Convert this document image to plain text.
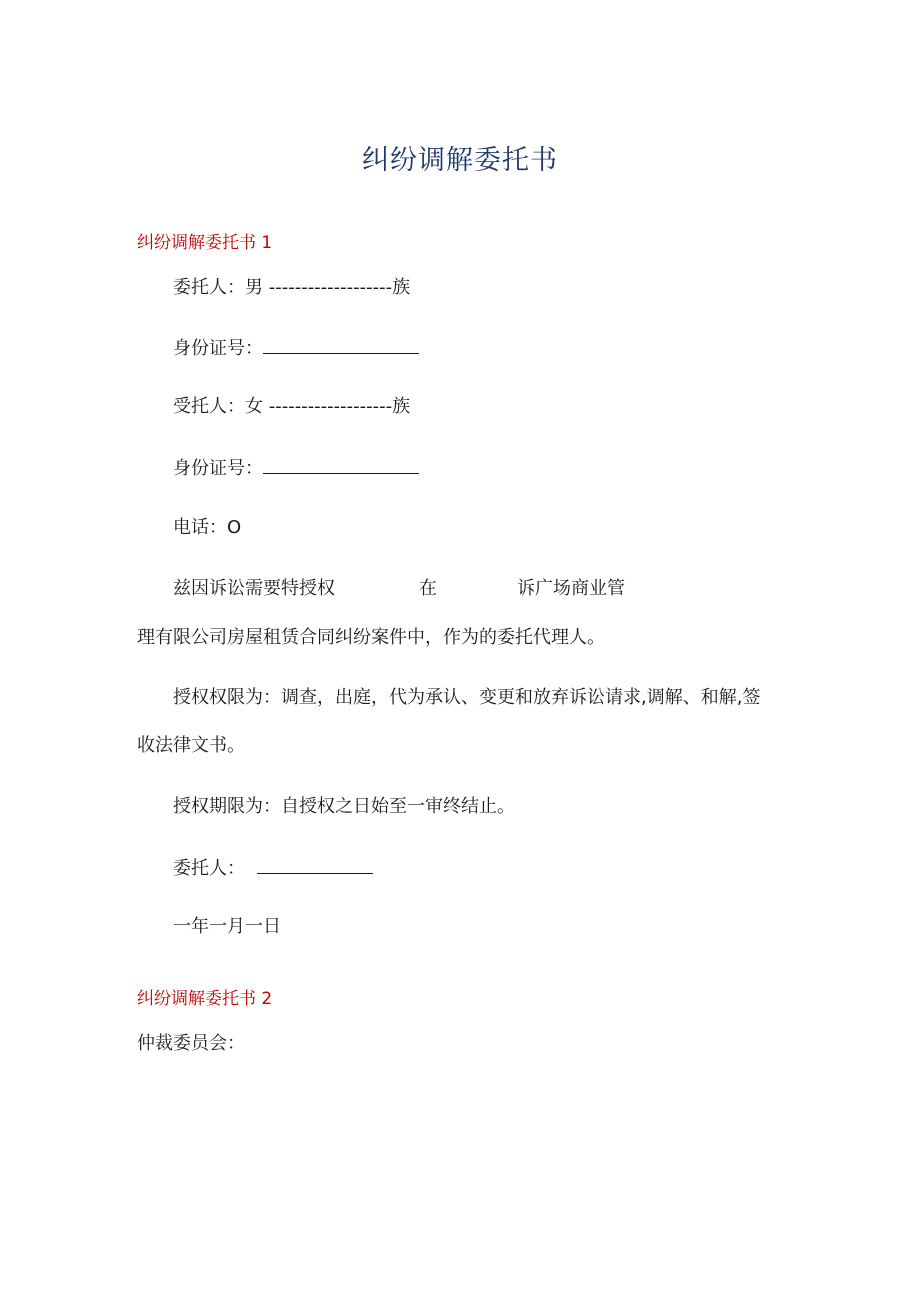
纠纷调解委托书
纠纷调解委托书 1
委托人：男 -------------------族
身份证号：
受托人：女 -------------------族
身份证号：
电话：O
兹因诉讼需要特授权	在	诉广场商业管
理有限公司房屋租赁合同纠纷案件中，作为的委托代理人。
授权权限为：调查，出庭，代为承认、变更和放弃诉讼请求,调解、和解,签
收法律文书。
授权期限为：自授权之日始至一审终结止。
委托人：
一年一月一日
纠纷调解委托书 2
仲裁委员会：
